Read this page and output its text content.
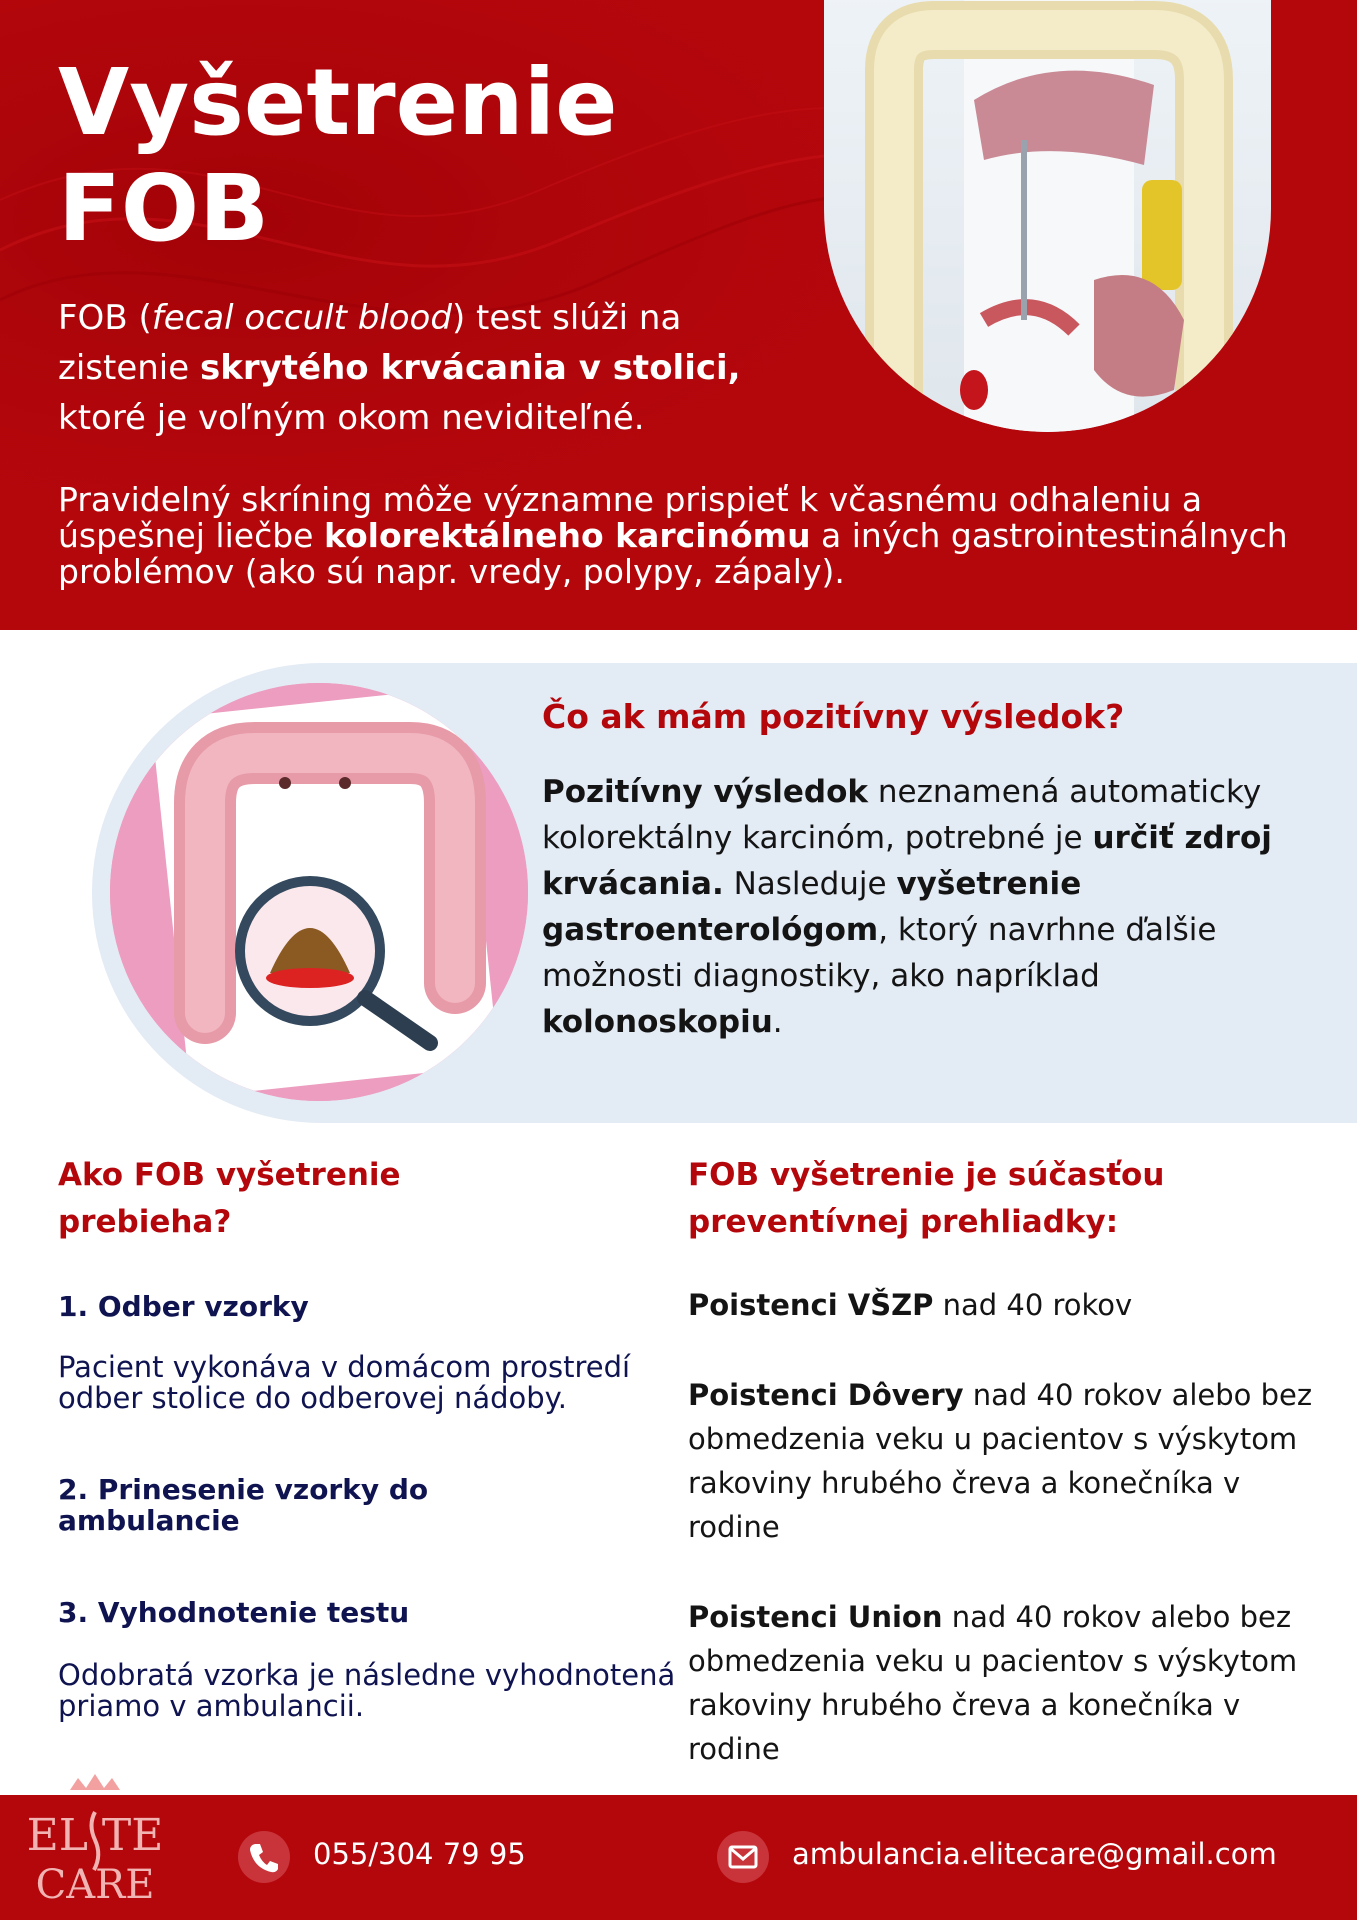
Vyšetrenie
FOB

FOB (fecal occult blood) test slúži na zistenie skrytého krvácania v stolici, ktoré je voľným okom neviditeľné.

Pravidelný skríning môže významne prispieť k včasnému odhaleniu a úspešnej liečbe kolorektálneho karcinómu a iných gastrointestinálnych problémov (ako sú napr. vredy, polypy, zápaly).

Čo ak mám pozitívny výsledok?

Pozitívny výsledok neznamená automaticky kolorektálny karcinóm, potrebné je určiť zdroj krvácania. Nasleduje vyšetrenie gastroenterológom, ktorý navrhne ďalšie možnosti diagnostiky, ako napríklad kolonoskopiu.

Ako FOB vyšetrenie prebieha?
1. Odber vzorky

Pacient vykonáva v domácom prostredí odber stolice do odberovej nádoby.

2. Prinesenie vzorky do ambulancie
3. Vyhodnotenie testu

Odobratá vzorka je následne vyhodnotená priamo v ambulancii.

FOB vyšetrenie je súčasťou preventívnej prehliadky:

Poistenci VŠZP nad 40 rokov

Poistenci Dôvery nad 40 rokov alebo bez obmedzenia veku u pacientov s výskytom rakoviny hrubého čreva a konečníka v rodine

Poistenci Union nad 40 rokov alebo bez obmedzenia veku u pacientov s výskytom rakoviny hrubého čreva a konečníka v rodine

EL TE
CARE
055/304 79 95	ambulancia.elitecare@gmail.com
